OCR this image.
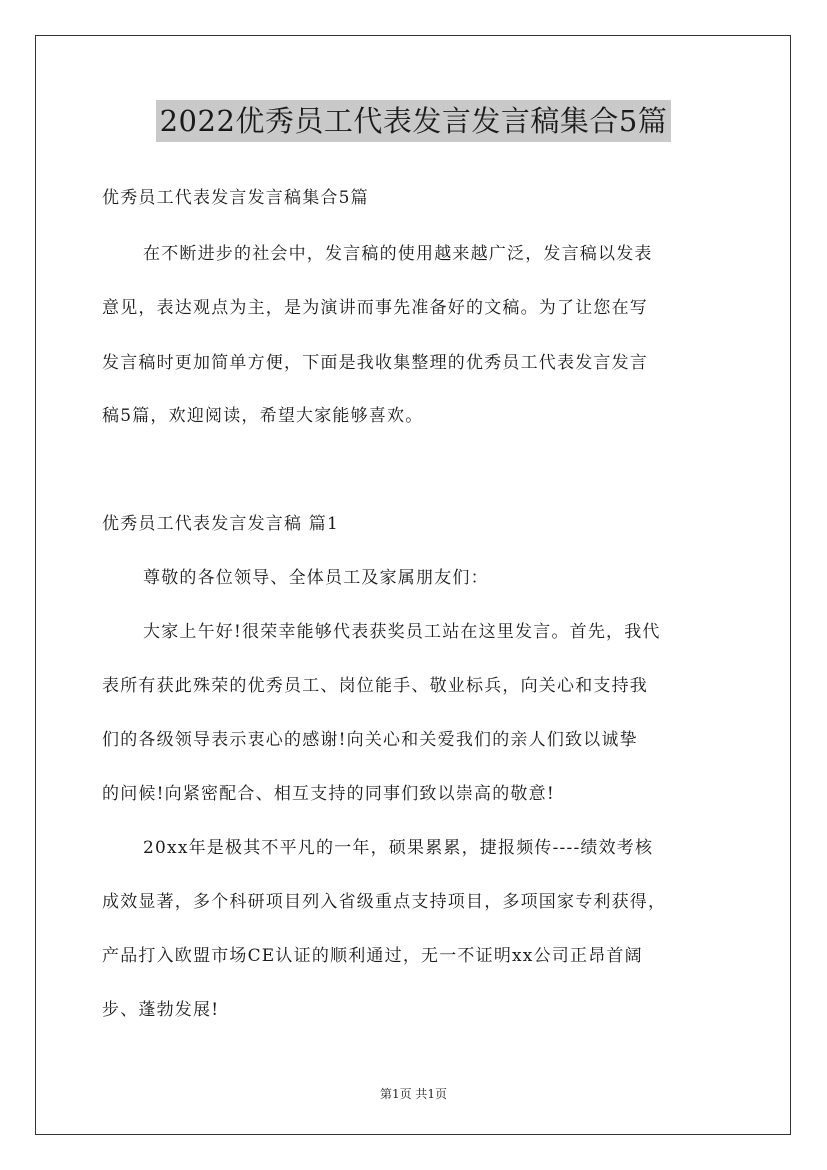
2022优秀员工代表发言发言稿集合5篇
优秀员工代表发言发言稿集合5篇
在不断进步的社会中，发言稿的使用越来越广泛，发言稿以发表
意见，表达观点为主，是为演讲而事先准备好的文稿。为了让您在写
发言稿时更加简单方便，下面是我收集整理的优秀员工代表发言发言
稿5篇，欢迎阅读，希望大家能够喜欢。
优秀员工代表发言发言稿 篇1
尊敬的各位领导、全体员工及家属朋友们：
大家上午好!很荣幸能够代表获奖员工站在这里发言。首先，我代
表所有获此殊荣的优秀员工、岗位能手、敬业标兵，向关心和支持我
们的各级领导表示衷心的感谢!向关心和关爱我们的亲人们致以诚挚
的问候!向紧密配合、相互支持的同事们致以崇高的敬意!
20xx年是极其不平凡的一年，硕果累累，捷报频传----绩效考核
成效显著，多个科研项目列入省级重点支持项目，多项国家专利获得，
产品打入欧盟市场CE认证的顺利通过，无一不证明xx公司正昂首阔
步、蓬勃发展!
第1页 共1页
